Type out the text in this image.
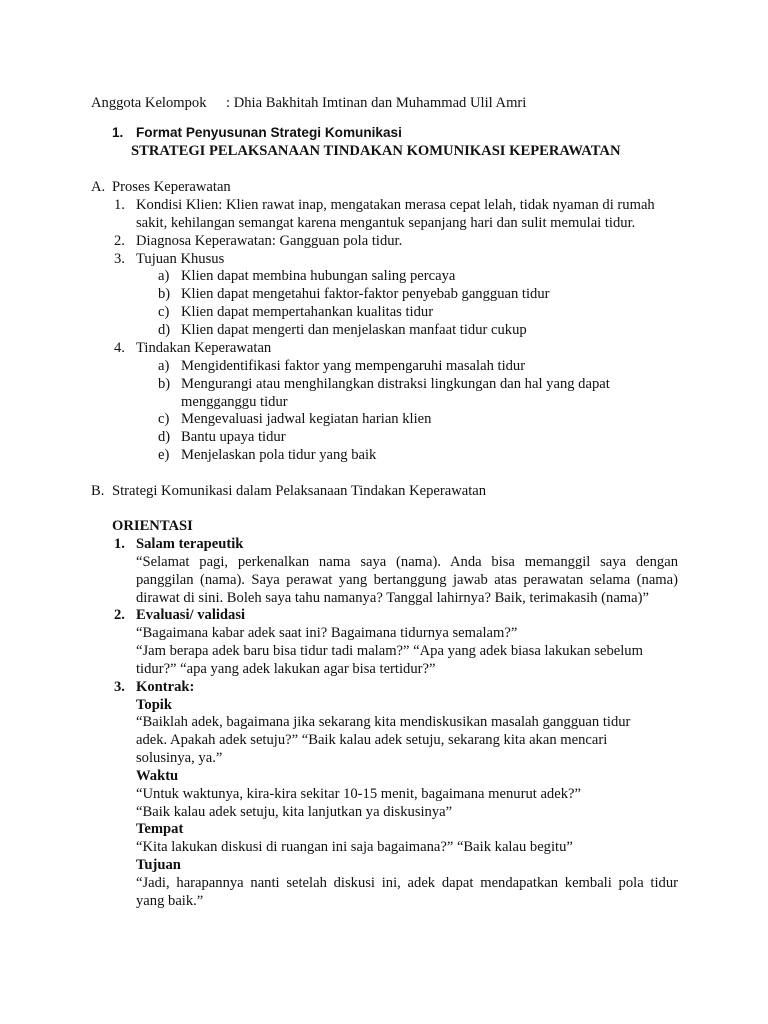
Anggota Kelompok : Dhia Bakhitah Imtinan dan Muhammad Ulil Amri
1. Format Penyusunan Strategi Komunikasi
STRATEGI PELAKSANAAN TINDAKAN KOMUNIKASI KEPERAWATAN
A. Proses Keperawatan
1. Kondisi Klien: Klien rawat inap, mengatakan merasa cepat lelah, tidak nyaman di rumah
sakit, kehilangan semangat karena mengantuk sepanjang hari dan sulit memulai tidur.
2. Diagnosa Keperawatan: Gangguan pola tidur.
3. Tujuan Khusus
a) Klien dapat membina hubungan saling percaya
b) Klien dapat mengetahui faktor-faktor penyebab gangguan tidur
c) Klien dapat mempertahankan kualitas tidur
d) Klien dapat mengerti dan menjelaskan manfaat tidur cukup
4. Tindakan Keperawatan
a) Mengidentifikasi faktor yang mempengaruhi masalah tidur
b) Mengurangi atau menghilangkan distraksi lingkungan dan hal yang dapat
mengganggu tidur
c) Mengevaluasi jadwal kegiatan harian klien
d) Bantu upaya tidur
e) Menjelaskan pola tidur yang baik
B. Strategi Komunikasi dalam Pelaksanaan Tindakan Keperawatan
ORIENTASI
1. Salam terapeutik
“Selamat pagi, perkenalkan nama saya (nama). Anda bisa memanggil saya dengan
panggilan (nama). Saya perawat yang bertanggung jawab atas perawatan selama (nama)
dirawat di sini. Boleh saya tahu namanya? Tanggal lahirnya? Baik, terimakasih (nama)”
2. Evaluasi/ validasi
“Bagaimana kabar adek saat ini? Bagaimana tidurnya semalam?”
“Jam berapa adek baru bisa tidur tadi malam?” “Apa yang adek biasa lakukan sebelum
tidur?” “apa yang adek lakukan agar bisa tertidur?”
3. Kontrak:
Topik
“Baiklah adek, bagaimana jika sekarang kita mendiskusikan masalah gangguan tidur
adek. Apakah adek setuju?” “Baik kalau adek setuju, sekarang kita akan mencari
solusinya, ya.”
Waktu
“Untuk waktunya, kira-kira sekitar 10-15 menit, bagaimana menurut adek?”
“Baik kalau adek setuju, kita lanjutkan ya diskusinya”
Tempat
“Kita lakukan diskusi di ruangan ini saja bagaimana?” “Baik kalau begitu”
Tujuan
“Jadi, harapannya nanti setelah diskusi ini, adek dapat mendapatkan kembali pola tidur
yang baik.”
